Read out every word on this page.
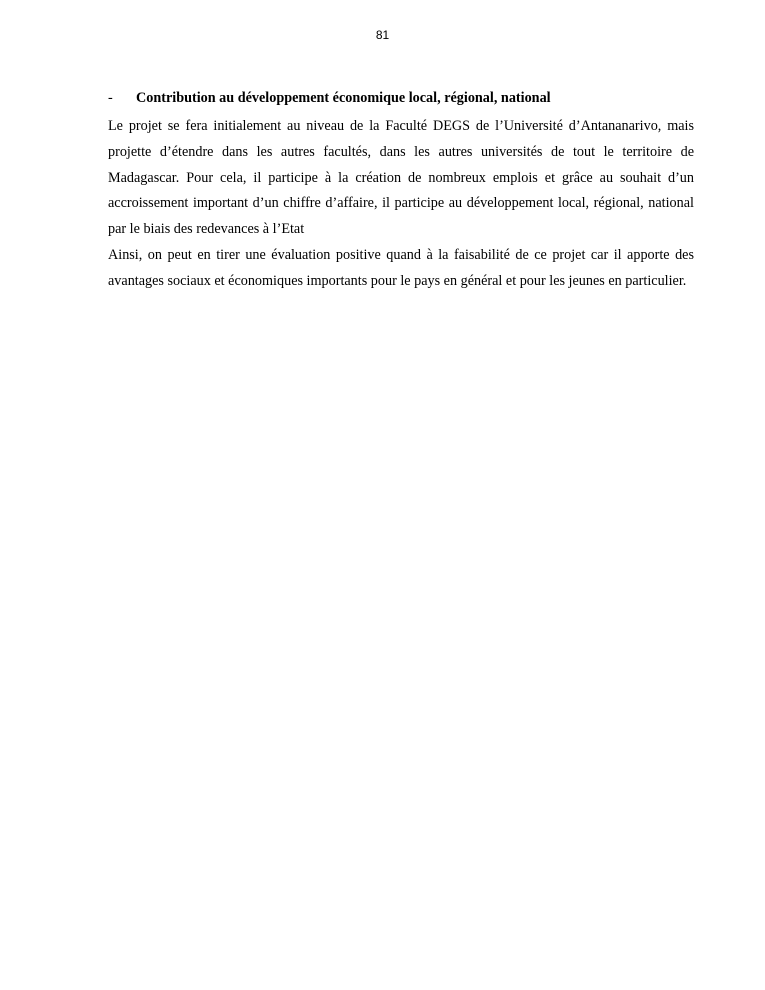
81
-	Contribution au développement économique local, régional, national

Le projet se fera initialement au niveau de la Faculté DEGS de l’Université d’Antananarivo, mais projette d’étendre dans les autres facultés, dans les autres universités de tout le territoire de Madagascar. Pour cela, il participe à la création de nombreux emplois et grâce au souhait d’un accroissement important d’un chiffre d’affaire, il participe au développement local, régional, national par le biais des redevances à l’Etat

Ainsi, on peut en tirer une évaluation positive quand à la faisabilité de ce projet car il apporte des avantages sociaux et économiques importants pour le pays en général et pour les jeunes en particulier.
